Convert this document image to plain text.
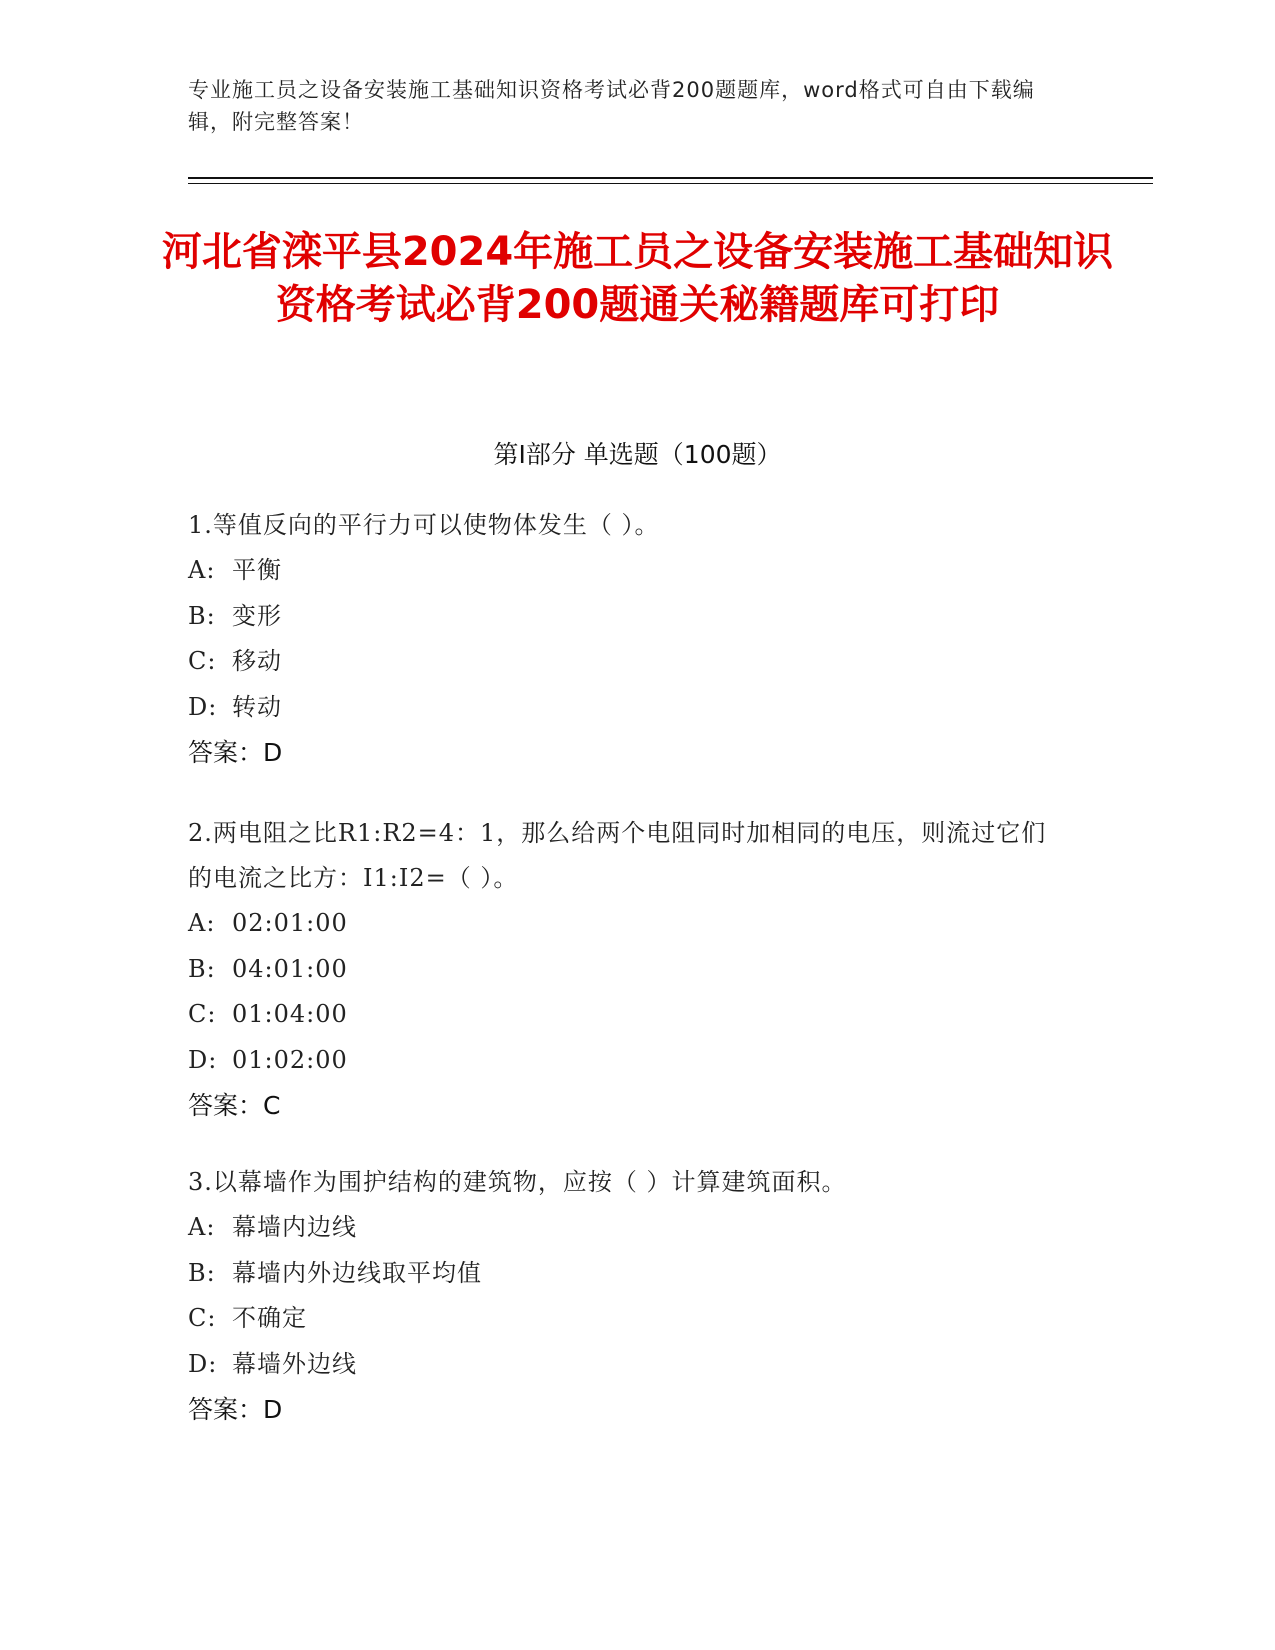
专业施工员之设备安装施工基础知识资格考试必背200题题库，word格式可自由下载编辑，附完整答案！
河北省滦平县2024年施工员之设备安装施工基础知识资格考试必背200题通关秘籍题库可打印
第I部分 单选题（100题）

1.等值反向的平行力可以使物体发生（ ）。

A: 平衡

B: 变形

C: 移动

D: 转动

答案：D

2.两电阻之比R1:R2=4：1，那么给两个电阻同时加相同的电压，则流过它们的电流之比方：I1:I2=（ ）。

A: 02:01:00

B: 04:01:00

C: 01:04:00

D: 01:02:00

答案：C

3.以幕墙作为围护结构的建筑物，应按（ ）计算建筑面积。

A: 幕墙内边线

B: 幕墙内外边线取平均值

C: 不确定

D: 幕墙外边线

答案：D
